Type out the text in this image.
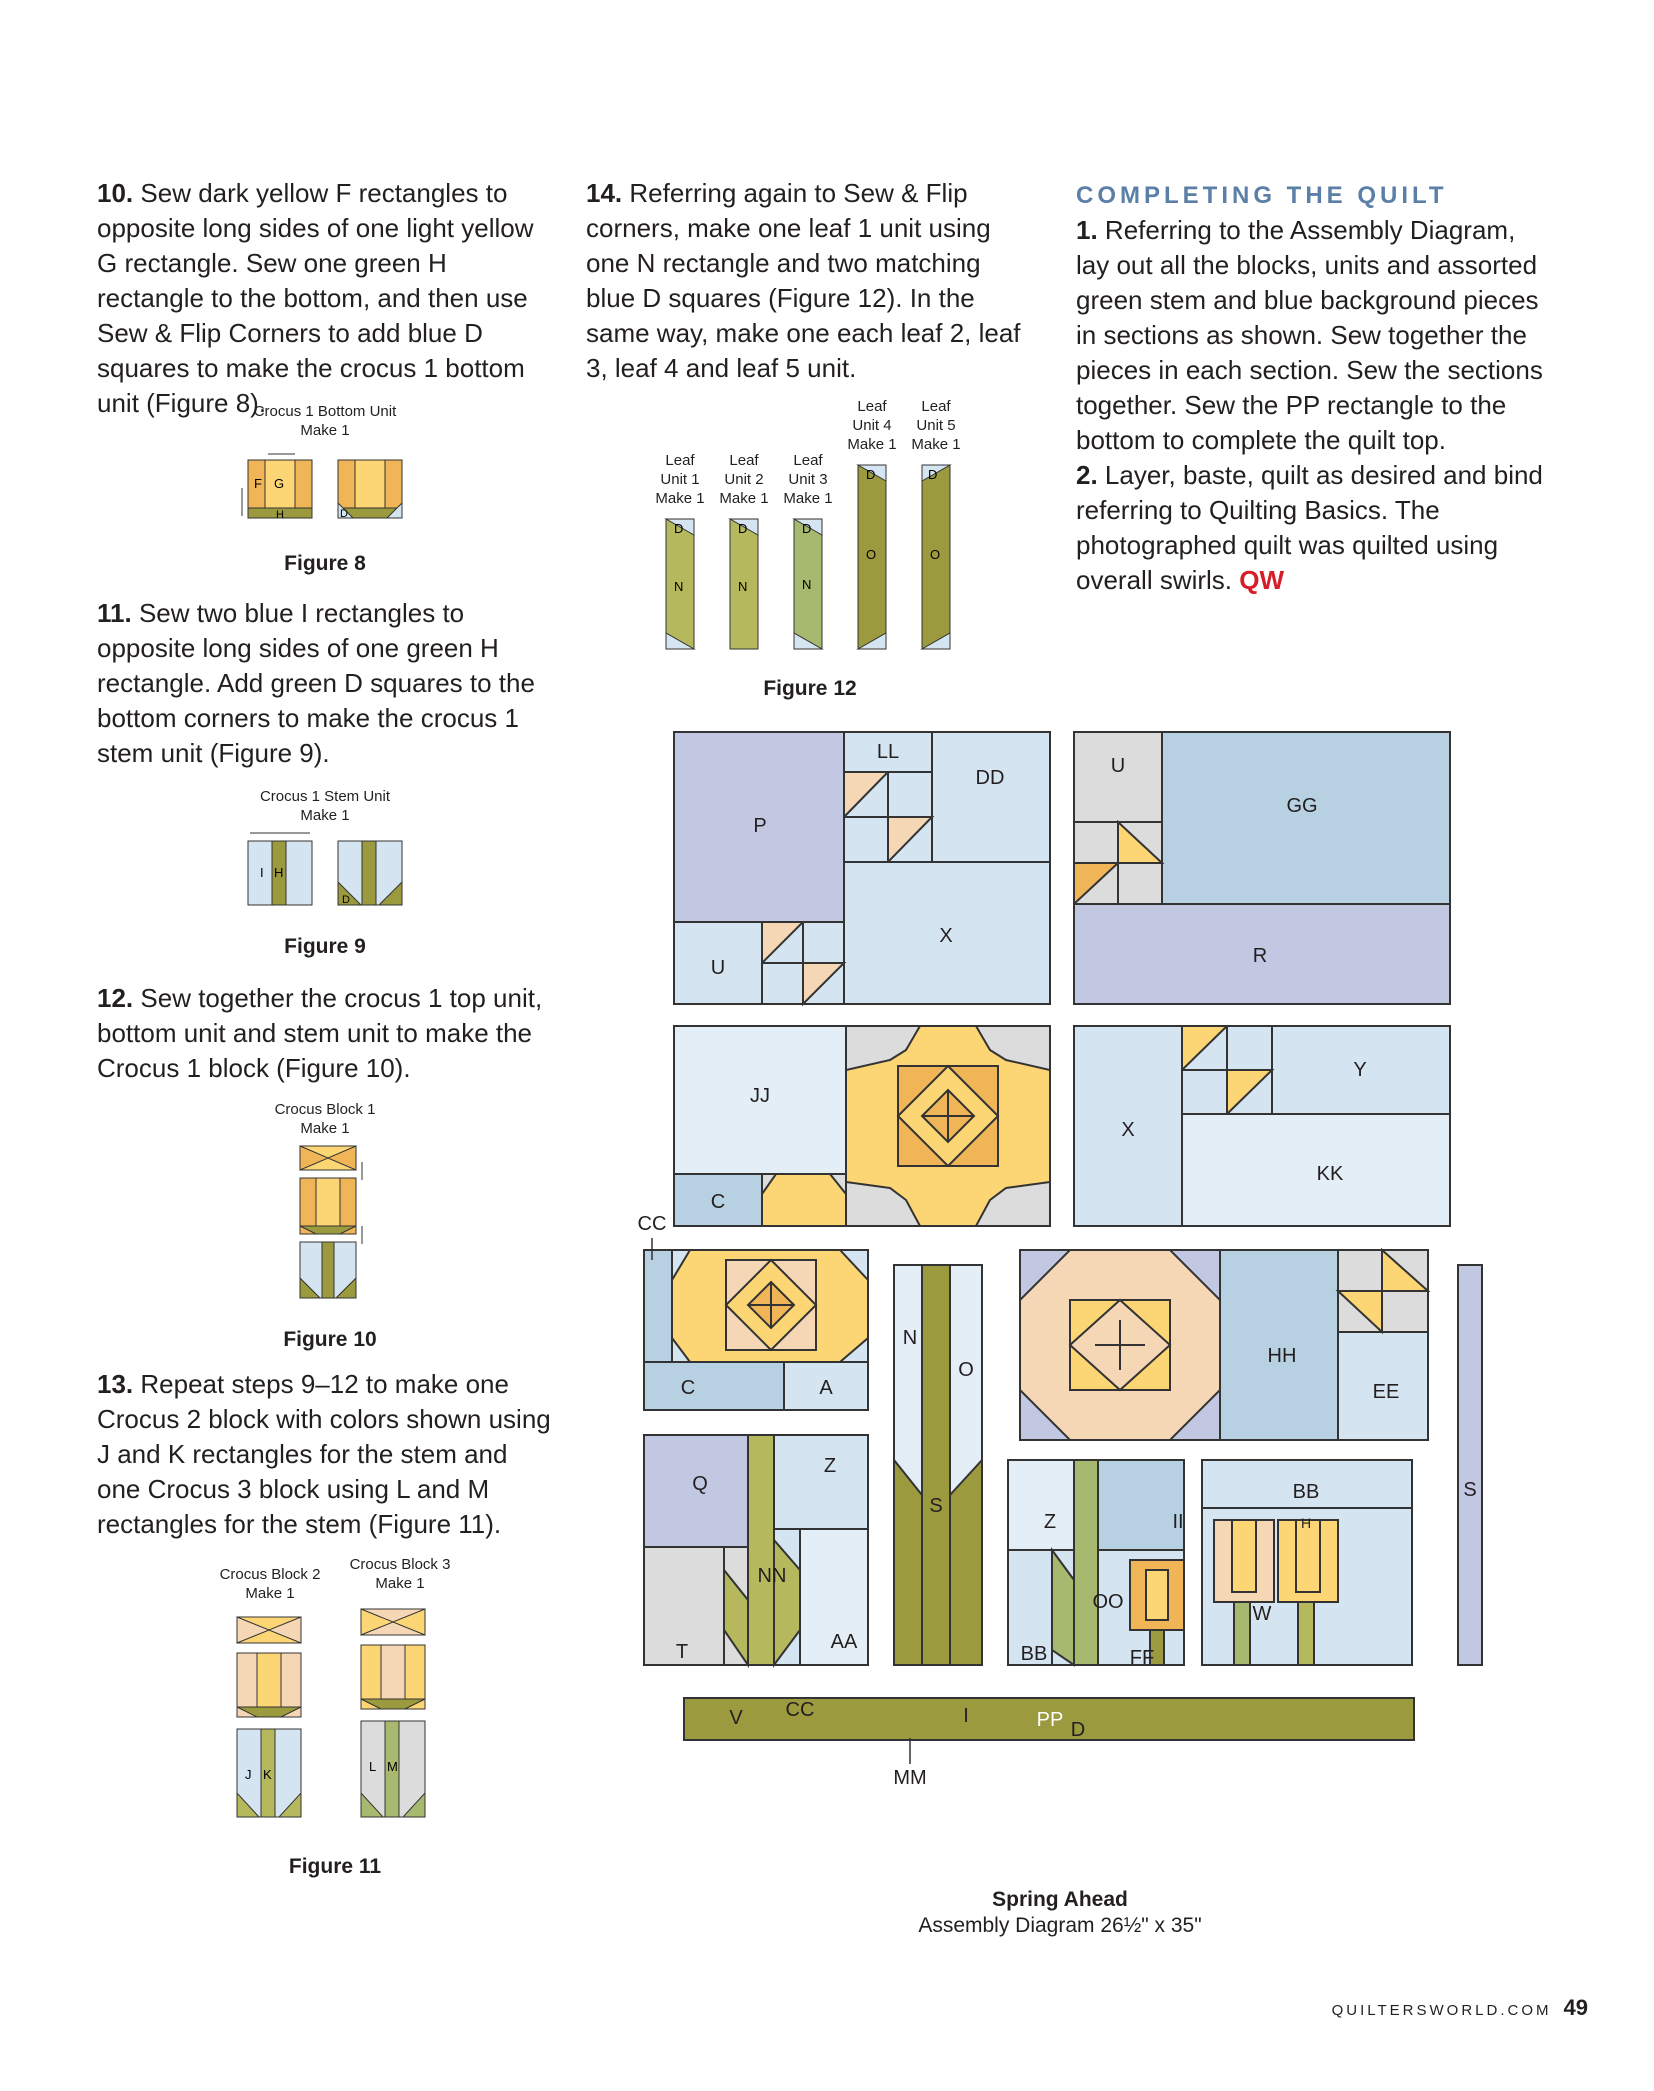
10. Sew dark yellow F rectangles to opposite long sides of one light yellow G rectangle. Sew one green H rectangle to the bottom, and then use Sew & Flip Corners to add blue D squares to make the crocus 1 bottom unit (Figure 8).

Crocus 1 Bottom Unit
Make 1
F G
H	D
Figure 8

11. Sew two blue I rectangles to opposite long sides of one green H rectangle. Add green D squares to the bottom corners to make the crocus 1 stem unit (Figure 9).

Crocus 1 Stem Unit
Make 1
I H
D
Figure 9

12. Sew together the crocus 1 top unit, bottom unit and stem unit to make the Crocus 1 block (Figure 10).

Crocus Block 1
Make 1
Figure 10

13. Repeat steps 9–12 to make one Crocus 2 block with colors shown using J and K rectangles for the stem and one Crocus 3 block using L and M rectangles for the stem (Figure 11).

Crocus Block 2
Make 1
Crocus Block 3
Make 1
J K
L M
Figure 11

14. Referring again to Sew & Flip corners, make one leaf 1 unit using one N rectangle and two matching blue D squares (Figure 12). In the same way, make one each leaf 2, leaf 3, leaf 4 and leaf 5 unit.

Leaf
Unit 1
Make 1
Leaf
Unit 2
Make 1
Leaf
Unit 3
Make 1
Leaf
Unit 4
Make 1
Leaf
Unit 5
Make 1
D
N
D
N
D
N
D
O
D
O
Figure 12

COMPLETING THE QUILT

1. Referring to the Assembly Diagram, lay out all the blocks, units and assorted green stem and blue background pieces in sections as shown. Sew together the pieces in each section. Sew the sections together. Sew the PP rectangle to the bottom to complete the quilt top.

2. Layer, baste, quilt as desired and bind referring to Quilting Basics. The photographed quilt was quilted using overall swirls. QW

LL
DD
P
U
X
U
GG
R
JJ
C
X
Y
KK
CC
C	A
N
O
S
HH
EE
S
Q
Z
NN
T	AA
V CC	I
MM
Z	II
OO
BB	FF
D
W
BB
H
PP
Spring Ahead
Assembly Diagram 26½" x 35"
QUILTERSWORLD.COM 49
